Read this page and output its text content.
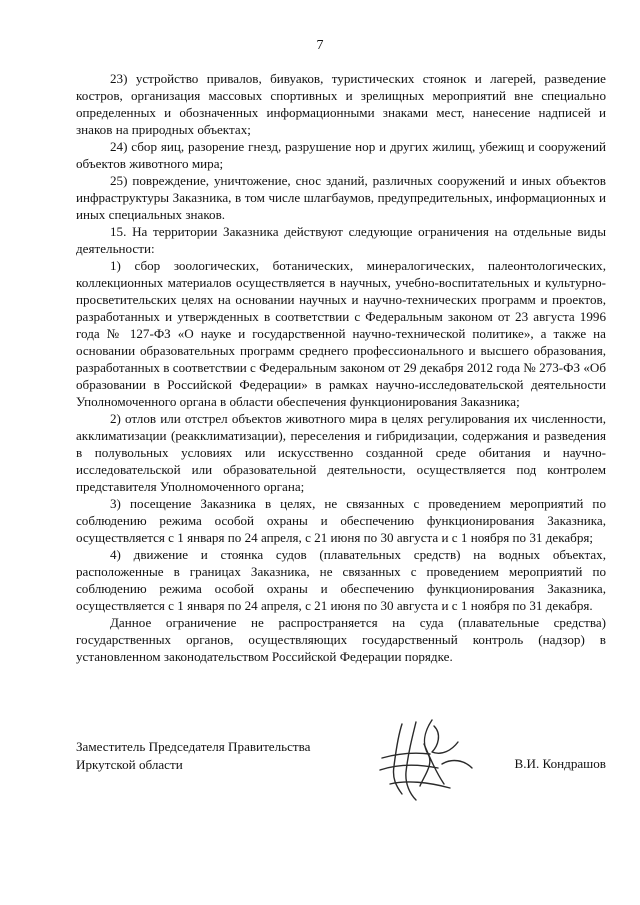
7

23) устройство привалов, бивуаков, туристических стоянок и лагерей, разведение костров, организация массовых спортивных и зрелищных мероприятий вне специально определенных и обозначенных информационными знаками мест, нанесение надписей и знаков на природных объектах;

24) сбор яиц, разорение гнезд, разрушение нор и других жилищ, убежищ и сооружений объектов животного мира;

25) повреждение, уничтожение, снос зданий, различных сооружений и иных объектов инфраструктуры Заказника, в том числе шлагбаумов, предупредительных, информационных и иных специальных знаков.

15. На территории Заказника действуют следующие ограничения на отдельные виды деятельности:

1) сбор зоологических, ботанических, минералогических, палеонтологических, коллекционных материалов осуществляется в научных, учебно-воспитательных и культурно-просветительских целях на основании научных и научно-технических программ и проектов, разработанных и утвержденных в соответствии с Федеральным законом от 23 августа 1996 года № 127-ФЗ «О науке и государственной научно-технической политике», а также на основании образовательных программ среднего профессионального и высшего образования, разработанных в соответствии с Федеральным законом от 29 декабря 2012 года № 273-ФЗ «Об образовании в Российской Федерации» в рамках научно-исследовательской деятельности Уполномоченного органа в области обеспечения функционирования Заказника;

2) отлов или отстрел объектов животного мира в целях регулирования их численности, акклиматизации (реакклиматизации), переселения и гибридизации, содержания и разведения в полувольных условиях или искусственно созданной среде обитания и научно-исследовательской или образовательной деятельности, осуществляется под контролем представителя Уполномоченного органа;

3) посещение Заказника в целях, не связанных с проведением мероприятий по соблюдению режима особой охраны и обеспечению функционирования Заказника, осуществляется с 1 января по 24 апреля, с 21 июня по 30 августа и с 1 ноября по 31 декабря;

4) движение и стоянка судов (плавательных средств) на водных объектах, расположенные в границах Заказника, не связанных с проведением мероприятий по соблюдению режима особой охраны и обеспечению функционирования Заказника, осуществляется с 1 января по 24 апреля, с 21 июня по 30 августа и с 1 ноября по 31 декабря.

Данное ограничение не распространяется на суда (плавательные средства) государственных органов, осуществляющих государственный контроль (надзор) в установленном законодательством Российской Федерации порядке.

Заместитель Председателя Правительства
Иркутской области	В.И. Кондрашов
